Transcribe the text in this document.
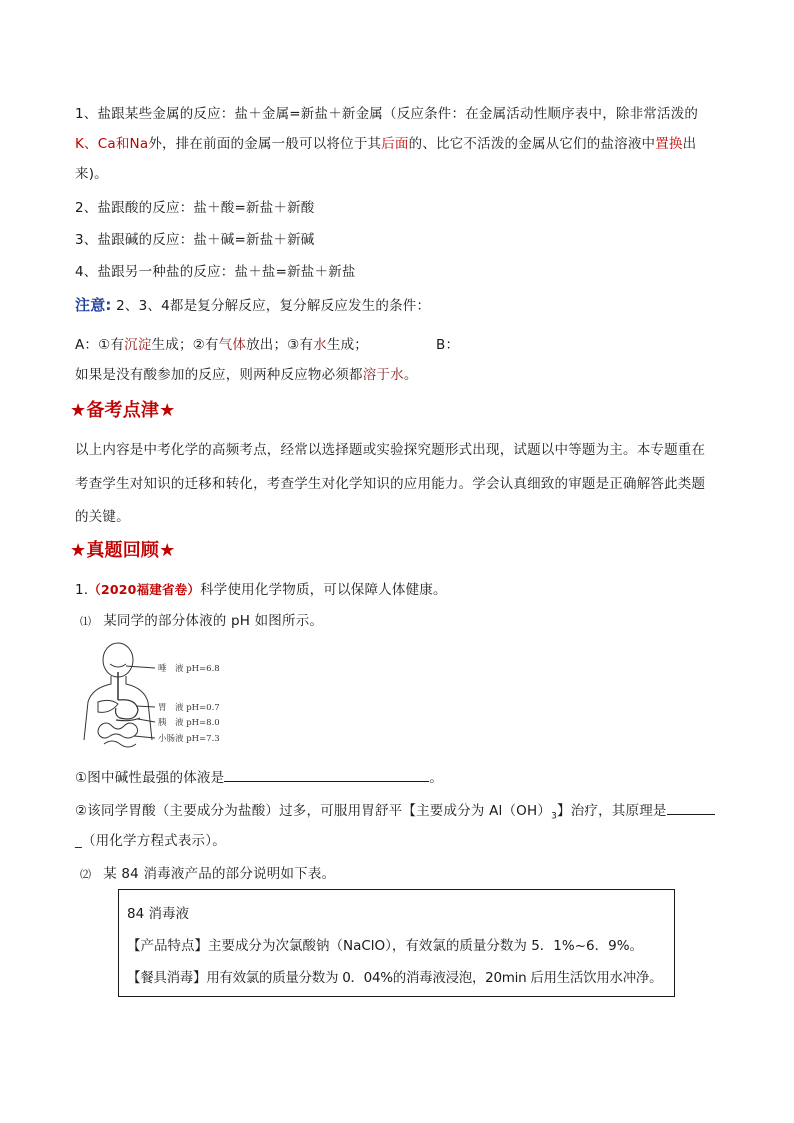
1、盐跟某些金属的反应：盐＋金属=新盐＋新金属（反应条件：在金属活动性顺序表中，除非常活泼的
K、Ca和Na外，排在前面的金属一般可以将位于其后面的、比它不活泼的金属从它们的盐溶液中置换出
来)。
2、盐跟酸的反应：盐＋酸=新盐＋新酸
3、盐跟碱的反应：盐＋碱=新盐＋新碱
4、盐跟另一种盐的反应：盐＋盐=新盐＋新盐
注意: 2、3、4都是复分解反应，复分解反应发生的条件：
A：①有沉淀生成；②有气体放出；③有水生成；	B：
如果是没有酸参加的反应，则两种反应物必须都溶于水。
★备考点津★
以上内容是中考化学的高频考点，经常以选择题或实验探究题形式出现，试题以中等题为主。本专题重在
考查学生对知识的迁移和转化，考查学生对化学知识的应用能力。学会认真细致的审题是正确解答此类题
的关键。
★真题回顾★
1.（2020福建省卷）科学使用化学物质，可以保障人体健康。
⑴ 某同学的部分体液的 pH 如图所示。
唾　液 pH=6.8
胃　液 pH=0.7
胰　液 pH=8.0
小肠液 pH=7.3
①图中碱性最强的体液是	。
②该同学胃酸（主要成分为盐酸）过多，可服用胃舒平【主要成分为 $Al(OH)_3$】治疗，其原理是
_（用化学方程式表示）。
⑵ 某 84 消毒液产品的部分说明如下表。
84 消毒液
【产品特点】主要成分为次氯酸钠（NaClO），有效氯的质量分数为 5．1%~6．9%。
【餐具消毒】用有效氯的质量分数为 0．04%的消毒液浸泡，20min 后用生活饮用水冲净。
